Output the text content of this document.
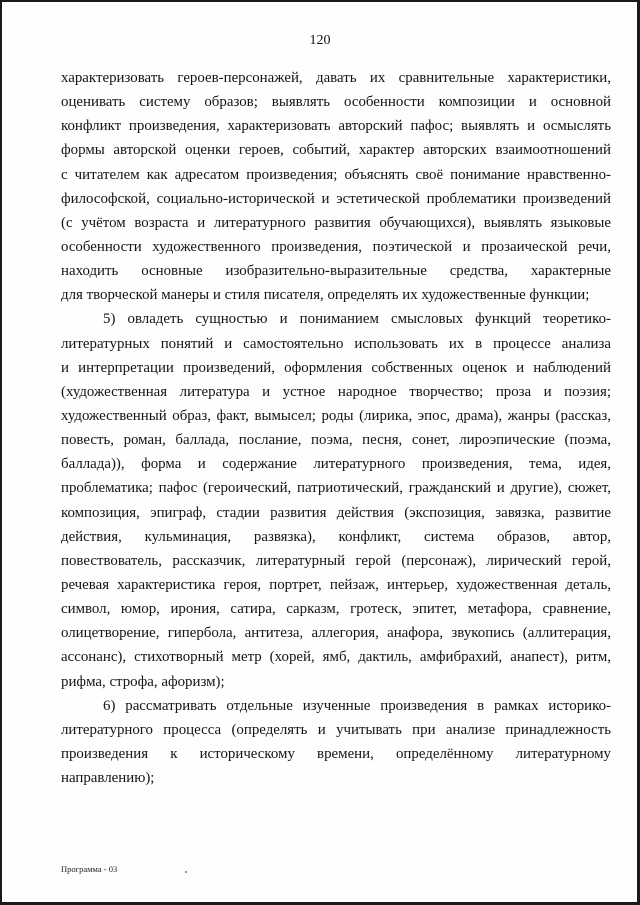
120
характеризовать героев-персонажей, давать их сравнительные характеристики,
оценивать систему образов; выявлять особенности композиции и основной
конфликт произведения, характеризовать авторский пафос; выявлять и осмыслять
формы авторской оценки героев, событий, характер авторских взаимоотношений
с читателем как адресатом произведения; объяснять своё понимание нравственно-
философской, социально-исторической и эстетической проблематики произведений
(с учётом возраста и литературного развития обучающихся), выявлять языковые
особенности художественного произведения, поэтической и прозаической речи,
находить основные изобразительно-выразительные средства, характерные
для творческой манеры и стиля писателя, определять их художественные функции;
5) овладеть сущностью и пониманием смысловых функций теоретико-
литературных понятий и самостоятельно использовать их в процессе анализа
и интерпретации произведений, оформления собственных оценок и наблюдений
(художественная литература и устное народное творчество; проза и поэзия;
художественный образ, факт, вымысел; роды (лирика, эпос, драма), жанры (рассказ,
повесть, роман, баллада, послание, поэма, песня, сонет, лироэпические (поэма,
баллада)), форма и содержание литературного произведения, тема, идея,
проблематика; пафос (героический, патриотический, гражданский и другие), сюжет,
композиция, эпиграф, стадии развития действия (экспозиция, завязка, развитие
действия, кульминация, развязка), конфликт, система образов, автор,
повествователь, рассказчик, литературный герой (персонаж), лирический герой,
речевая характеристика героя, портрет, пейзаж, интерьер, художественная деталь,
символ, юмор, ирония, сатира, сарказм, гротеск, эпитет, метафора, сравнение,
олицетворение, гипербола, антитеза, аллегория, анафора, звукопись (аллитерация,
ассонанс), стихотворный метр (хорей, ямб, дактиль, амфибрахий, анапест), ритм,
рифма, строфа, афоризм);
6) рассматривать отдельные изученные произведения в рамках историко-
литературного процесса (определять и учитывать при анализе принадлежность
произведения к историческому времени, определённому литературному
направлению);
Программа - 03
